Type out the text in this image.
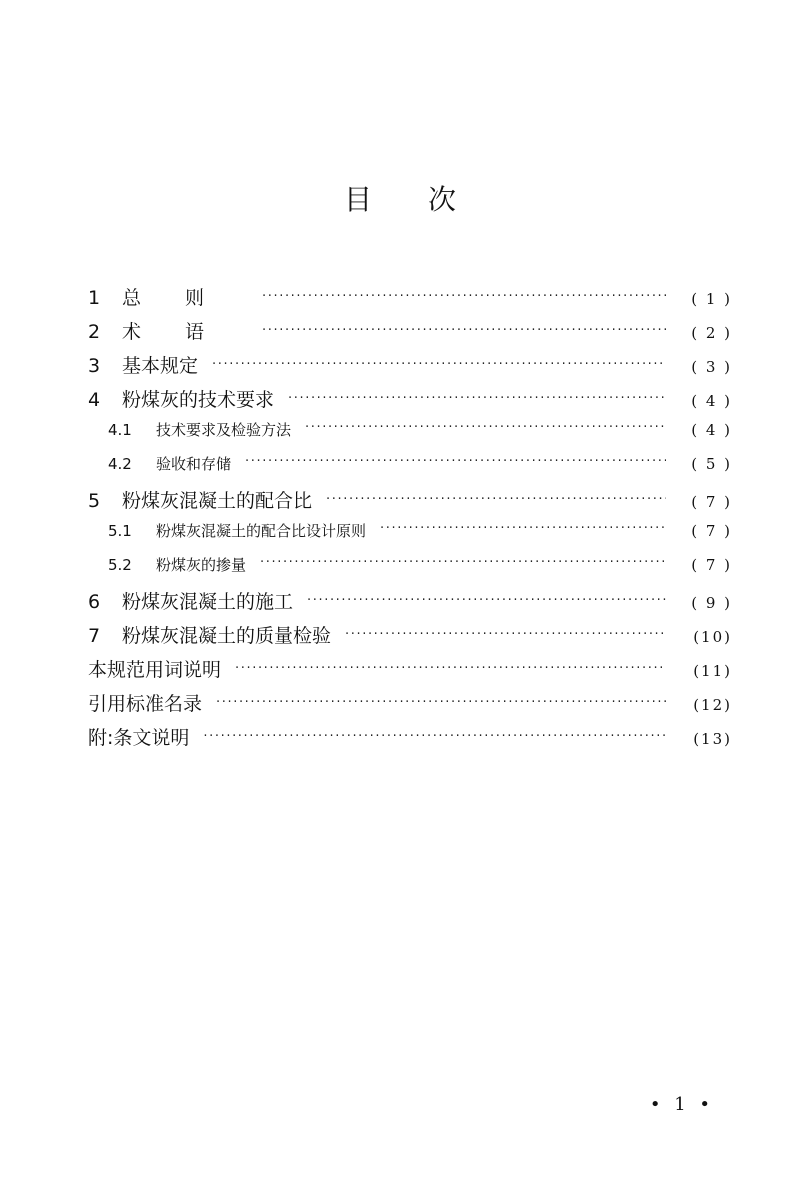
目 次
1	总则 ·····	( 1 )
2	术语 ·····	( 2 )
3	基本规定 ·····	( 3 )
4	粉煤灰的技术要求 ·····	( 4 )
4.1	技术要求及检验方法 ·····	( 4 )
4.2	验收和存储 ·····	( 5 )
5	粉煤灰混凝土的配合比 ·····	( 7 )
5.1	粉煤灰混凝土的配合比设计原则 ·····	( 7 )
5.2	粉煤灰的掺量 ·····	( 7 )
6	粉煤灰混凝土的施工 ·····	( 9 )
7	粉煤灰混凝土的质量检验 ·····	(10)
本规范用词说明 ·····	(11)
引用标准名录 ·····	(12)
附:条文说明 ·····	(13)
• 1 •
